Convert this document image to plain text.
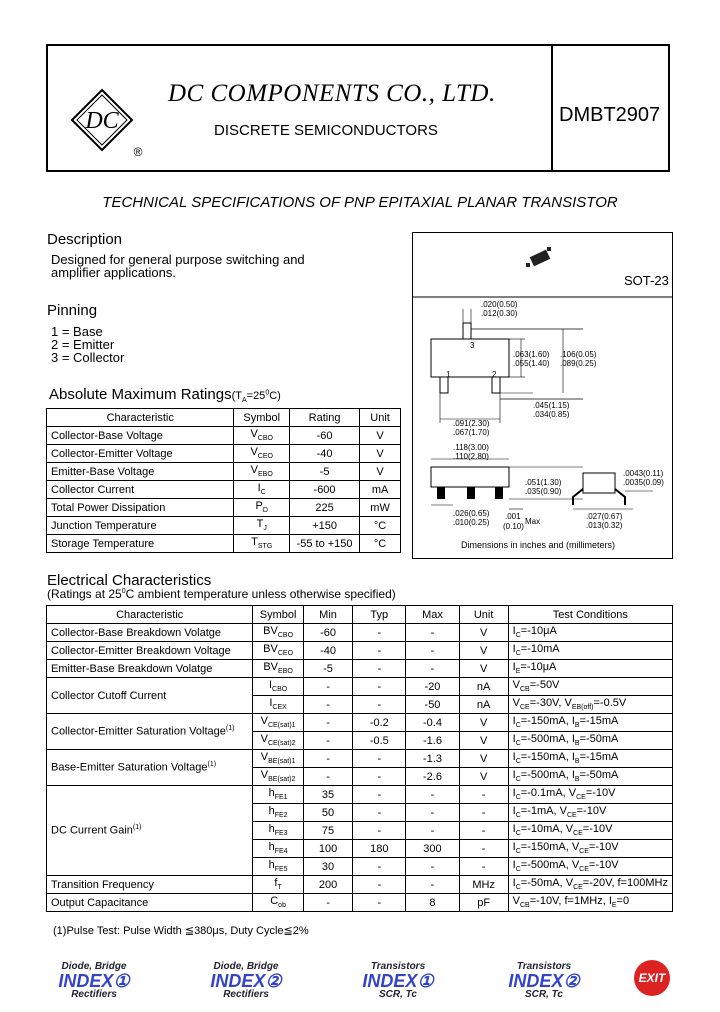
DC
®
DC COMPONENTS CO., LTD.
DISCRETE SEMICONDUCTORS
DMBT2907
TECHNICAL SPECIFICATIONS OF PNP EPITAXIAL PLANAR TRANSISTOR
Description
Designed for general purpose switching and
amplifier applications.
Pinning
1 = Base
2 = Emitter
3 = Collector
SOT-23
1	2
3
.020(0.50)
.012(0.30)
.063(1.60)
.055(1.40)
.106(0.05)
.089(0.25)
.045(1.15)
.034(0.85)
.091(2.30)
.067(1.70)
.118(3.00)
.110(2.80)
.051(1.30)
.035(0.90)
.0043(0.11)
.0035(0.09)
.026(0.65)
.010(0.25)
.001
(0.10)
Max
.027(0.67)
.013(0.32)
Dimensions in inches and (millimeters)
Absolute Maximum $Ratings(T_A=25^0C)$
Characteristic	Symbol	Rating	Unit
Collector-Base Voltage	$V_{CBO}$	-60	V
Collector-Emitter Voltage	$V_{CEO}$	-40	V
Emitter-Base Voltage	$V_{EBO}$	-5	V
Collector Current	$I_C$	-600	mA
Total Power Dissipation	$P_D$	225	mW
Junction Temperature	$T_J$	+150	°C
Storage Temperature	$T_{STG}$	-55 to +150	°C
Electrical Characteristics
(Ratings at $25^0C$ ambient temperature unless otherwise specified)
Characteristic	Symbol	Min	Typ	Max	Unit	Test Conditions
Collector-Base Breakdown Volatge	$BV_{CBO}$	-60	-	-	V	$I_C=-10\mu A$
Collector-Emitter Breakdown Voltage	$BV_{CEO}$	-40	-	-	V	$I_C=-10mA$
Emitter-Base Breakdown Volatge	$BV_{EBO}$	-5	-	-	V	$I_E=-10\mu A$
Collector Cutoff Current	$I_{CBO}$	-	-	-20	nA	$V_{CB}=-50V$
	$I_{CEX}$	-	-	-50	nA	$V_{CE}=-30V$, $V_{EB(off)}=-0.5V$
Collector-Emitter Saturation Voltage$^{(1)}$	$V_{CE(sat)1}$	-	-0.2	-0.4	V	$I_C=-150mA$, $I_B=-15mA$
	$V_{CE(sat)2}$	-	-0.5	-1.6	V	$I_C=-500mA$, $I_B=-50mA$
Base-Emitter Saturation Voltage$^{(1)}$	$V_{BE(sat)1}$	-	-	-1.3	V	$I_C=-150mA$, $I_B=-15mA$
	$V_{BE(sat)2}$	-	-	-2.6	V	$I_C=-500mA$, $I_B=-50mA$
DC Current Gain$^{(1)}$	$h_{FE1}$	35	-	-	-	$I_C=-0.1mA$, $V_{CE}=-10V$
	$h_{FE2}$	50	-	-	-	$I_C=-1mA$, $V_{CE}=-10V$
	$h_{FE3}$	75	-	-	-	$I_C=-10mA$, $V_{CE}=-10V$
	$h_{FE4}$	100	180	300	-	$I_C=-150mA$, $V_{CE}=-10V$
	$h_{FE5}$	30	-	-	-	$I_C=-500mA$, $V_{CE}=-10V$
Transition Frequency	$f_T$	200	-	-	MHz	$I_C=-50mA$, $V_{CE}=-20V$, f=100MHz
Output Capacitance	$C_{ob}$	-	-	8	pF	$V_{CB}=-10V$, f=1MHz, $I_E=0$
(1)Pulse Test: Pulse Width ≦380μs, Duty Cycle≦2%
Diode, Bridge
INDEX①
Rectifiers
Diode, Bridge
INDEX②
Rectifiers
Transistors
INDEX①
SCR, Tc
Transistors
INDEX②
SCR, Tc
EXIT
